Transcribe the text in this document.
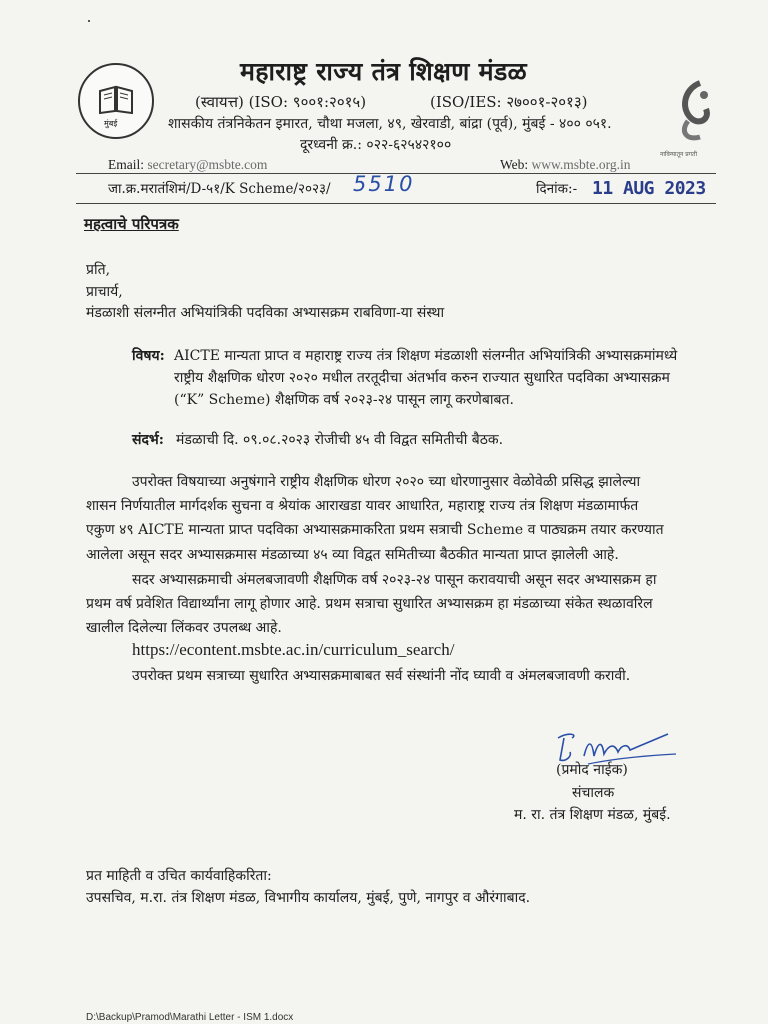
मुंबई
नाविन्यातून प्रगती
महाराष्ट्र राज्य तंत्र शिक्षण मंडळ
(स्वायत्त) (ISO: ९००१:२०१५)	(ISO/IES: २७००१-२०१३)
शासकीय तंत्रनिकेतन इमारत, चौथा मजला, ४९, खेरवाडी, बांद्रा (पूर्व), मुंबई - ४०० ०५१.
दूरध्वनी क्र.: ०२२-६२५४२१००
Email: secretary@msbte.com	Web: www.msbte.org.in
जा.क्र.मरातंशिमं/D-५१/K Scheme/२०२३/ 5510	दिनांक:- 11 AUG 2023
महत्वाचे परिपत्रक
प्रति,
प्राचार्य,
मंडळाशी संलग्नीत अभियांत्रिकी पदविका अभ्यासक्रम राबविणा-या संस्था
विषय: AICTE मान्यता प्राप्त व महाराष्ट्र राज्य तंत्र शिक्षण मंडळाशी संलग्नीत अभियांत्रिकी अभ्यासक्रमांमध्ये
राष्ट्रीय शैक्षणिक धोरण २०२० मधील तरतूदीचा अंतर्भाव करुन राज्यात सुधारित पदविका अभ्यासक्रम
(“K” Scheme) शैक्षणिक वर्ष २०२३-२४ पासून लागू करणेबाबत.
संदर्भ: मंडळाची दि. ०९.०८.२०२३ रोजीची ४५ वी विद्वत समितीची बैठक.
उपरोक्त विषयाच्या अनुषंगाने राष्ट्रीय शैक्षणिक धोरण २०२० च्या धोरणानुसार वेळोवेळी प्रसिद्ध झालेल्या
शासन निर्णयातील मार्गदर्शक सुचना व श्रेयांक आराखडा यावर आधारित, महाराष्ट्र राज्य तंत्र शिक्षण मंडळामार्फत
एकुण ४९ AICTE मान्यता प्राप्त पदविका अभ्यासक्रमाकरिता प्रथम सत्राची Scheme व पाठ्यक्रम तयार करण्यात
आलेला असून सदर अभ्यासक्रमास मंडळाच्या ४५ व्या विद्वत समितीच्या बैठकीत मान्यता प्राप्त झालेली आहे.
सदर अभ्यासक्रमाची अंमलबजावणी शैक्षणिक वर्ष २०२३-२४ पासून करावयाची असून सदर अभ्यासक्रम हा
प्रथम वर्ष प्रवेशित विद्यार्थ्यांना लागू होणार आहे. प्रथम सत्राचा सुधारित अभ्यासक्रम हा मंडळाच्या संकेत स्थळावरिल
खालील दिलेल्या लिंकवर उपलब्ध आहे.
https://econtent.msbte.ac.in/curriculum_search/
उपरोक्त प्रथम सत्राच्या सुधारित अभ्यासक्रमाबाबत सर्व संस्थांनी नोंद घ्यावी व अंमलबजावणी करावी.
(प्रमोद नाईक)
संचालक
म. रा. तंत्र शिक्षण मंडळ, मुंबई.
प्रत माहिती व उचित कार्यवाहिकरिता:
उपसचिव, म.रा. तंत्र शिक्षण मंडळ, विभागीय कार्यालय, मुंबई, पुणे, नागपुर व औरंगाबाद.
D:\Backup\Pramod\Marathi Letter - ISM 1.docx
